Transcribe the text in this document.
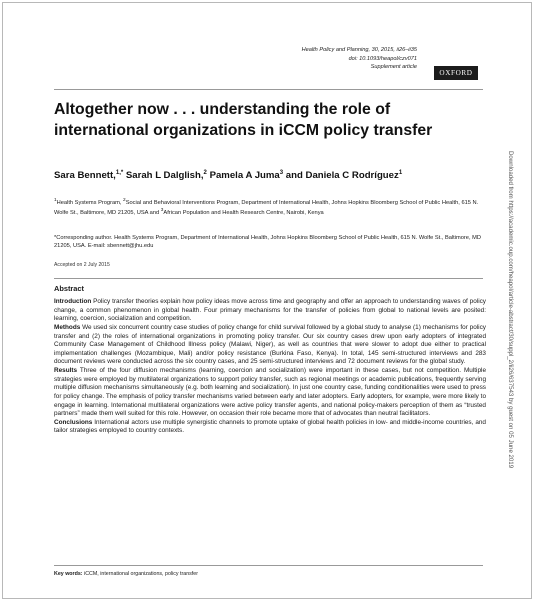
Health Policy and Planning, 30, 2015, ii26–ii35
doi: 10.1093/heapol/czv071
Supplement article
OXFORD
Altogether now . . . understanding the role of international organizations in iCCM policy transfer
Sara Bennett,$^{1,*}$ Sarah L Dalglish,$^2$ Pamela A Juma$^3$ and Daniela C Rodríguez$^1$
$^1$Health Systems Program, $^2$Social and Behavioral Interventions Program, Department of International Health, Johns Hopkins Bloomberg School of Public Health, 615 N. Wolfe St., Baltimore, MD 21205, USA and $^3$African Population and Health Research Centre, Nairobi, Kenya
*Corresponding author. Health Systems Program, Department of International Health, Johns Hopkins Bloomberg School of Public Health, 615 N. Wolfe St., Baltimore, MD 21205, USA. E-mail: sbennett@jhu.edu
Accepted on 2 July 2015
Abstract

Introduction Policy transfer theories explain how policy ideas move across time and geography and offer an approach to understanding waves of policy change, a common phenomenon in global health. Four primary mechanisms for the transfer of policies from global to national levels are posited: learning, coercion, socialization and competition.

Methods We used six concurrent country case studies of policy change for child survival followed by a global study to analyse (1) mechanisms for policy transfer and (2) the roles of international organizations in promoting policy transfer. Our six country cases drew upon early adopters of integrated Community Case Management of Childhood Illness policy (Malawi, Niger), as well as countries that were slower to adopt due either to practical implementation challenges (Mozambique, Mali) and/or policy resistance (Burkina Faso, Kenya). In total, 145 semi-structured interviews and 283 document reviews were conducted across the six country cases, and 25 semi-structured interviews and 72 document reviews for the global study.

Results Three of the four diffusion mechanisms (learning, coercion and socialization) were important in these cases, but not competition. Multiple strategies were employed by multilateral organizations to support policy transfer, such as regional meetings or academic publications, frequently serving multiple diffusion mechanisms simultaneously (e.g. both learning and socialization). In just one country case, funding conditionalities were used to press for policy change. The emphasis of policy transfer mechanisms varied between early and later adopters. Early adopters, for example, were more likely to engage in learning. International multilateral organizations were active policy transfer agents, and national policy-makers perception of them as “trusted partners” made them well suited for this role. However, on occasion their role became more that of advocates than neutral facilitators.

Conclusions International actors use multiple synergistic channels to promote uptake of global health policies in low- and middle-income countries, and tailor strategies employed to country contexts.

Key words: iCCM, international organizations, policy transfer
Downloaded from https://academic.oup.com/heapol/article-abstract/30/suppl_2/ii26/637543 by guest on 05 June 2019
